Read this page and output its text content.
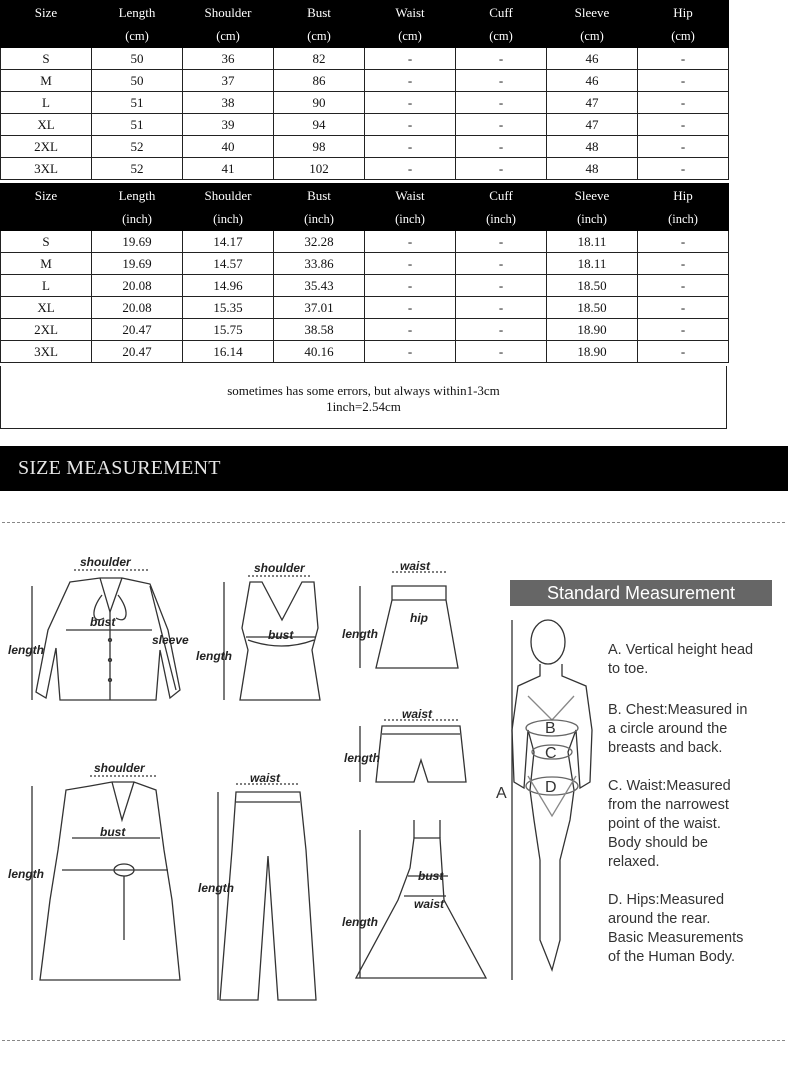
Size	Length	Shoulder	Bust	Waist	Cuff	Sleeve	Hip
	(cm)	(cm)	(cm)	(cm)	(cm)	(cm)	(cm)
S	50	36	82	-	-	46	-
M	50	37	86	-	-	46	-
L	51	38	90	-	-	47	-
XL	51	39	94	-	-	47	-
2XL	52	40	98	-	-	48	-
3XL	52	41	102	-	-	48	-
Size	Length	Shoulder	Bust	Waist	Cuff	Sleeve	Hip
	(inch)	(inch)	(inch)	(inch)	(inch)	(inch)	(inch)
S	19.69	14.17	32.28	-	-	18.11	-
M	19.69	14.57	33.86	-	-	18.11	-
L	20.08	14.96	35.43	-	-	18.50	-
XL	20.08	15.35	37.01	-	-	18.50	-
2XL	20.47	15.75	38.58	-	-	18.90	-
3XL	20.47	16.14	40.16	-	-	18.90	-
sometimes has some errors, but always within1-3cm
1inch=2.54cm
SIZE MEASUREMENT
shoulder
bust
length
sleeve
shoulder
bust
length
waist
hip
length
waist
length
shoulder
bust
length
waist
length
bust
waist
length
A
B
C
D
Standard Measurement
A. Vertical height head
to toe.
B. Chest:Measured in
a circle around the
breasts and back.
C. Waist:Measured
from the narrowest
point of the waist.
Body should be
relaxed.
D. Hips:Measured
around the rear.
Basic Measurements
of the Human Body.
